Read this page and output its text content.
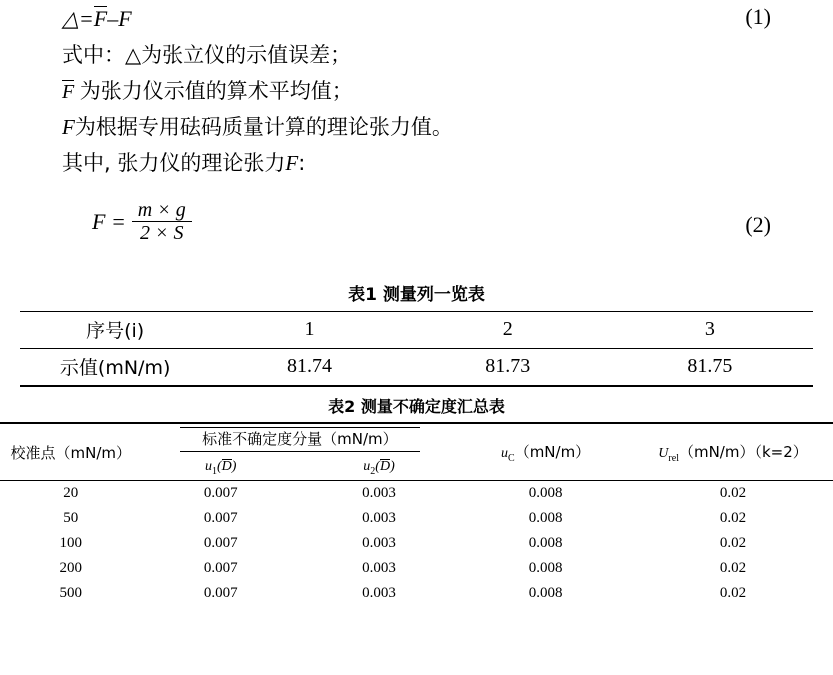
△=F–F	(1)
式中：△为张立仪的示值误差；
F 为张力仪示值的算术平均值；
F为根据专用砝码质量计算的理论张力值。
其中, 张力仪的理论张力F:
$F = \frac{m \times g}{2 \times S}$	(2)
表1 测量列一览表
序号(i)	1	2	3
示值(mN/m)	81.74	81.73	81.75
表2 测量不确定度汇总表
校准点（mN/m）	标准不确定度分量（mN/m）		$u_C(mN/m)$	$U_{rel}(mN/m)(k=2)$
	$u_1(D)$	$u_2(D)$		
20	0.007	0.003	0.008	0.02
50	0.007	0.003	0.008	0.02
100	0.007	0.003	0.008	0.02
200	0.007	0.003	0.008	0.02
500	0.007	0.003	0.008	0.02
